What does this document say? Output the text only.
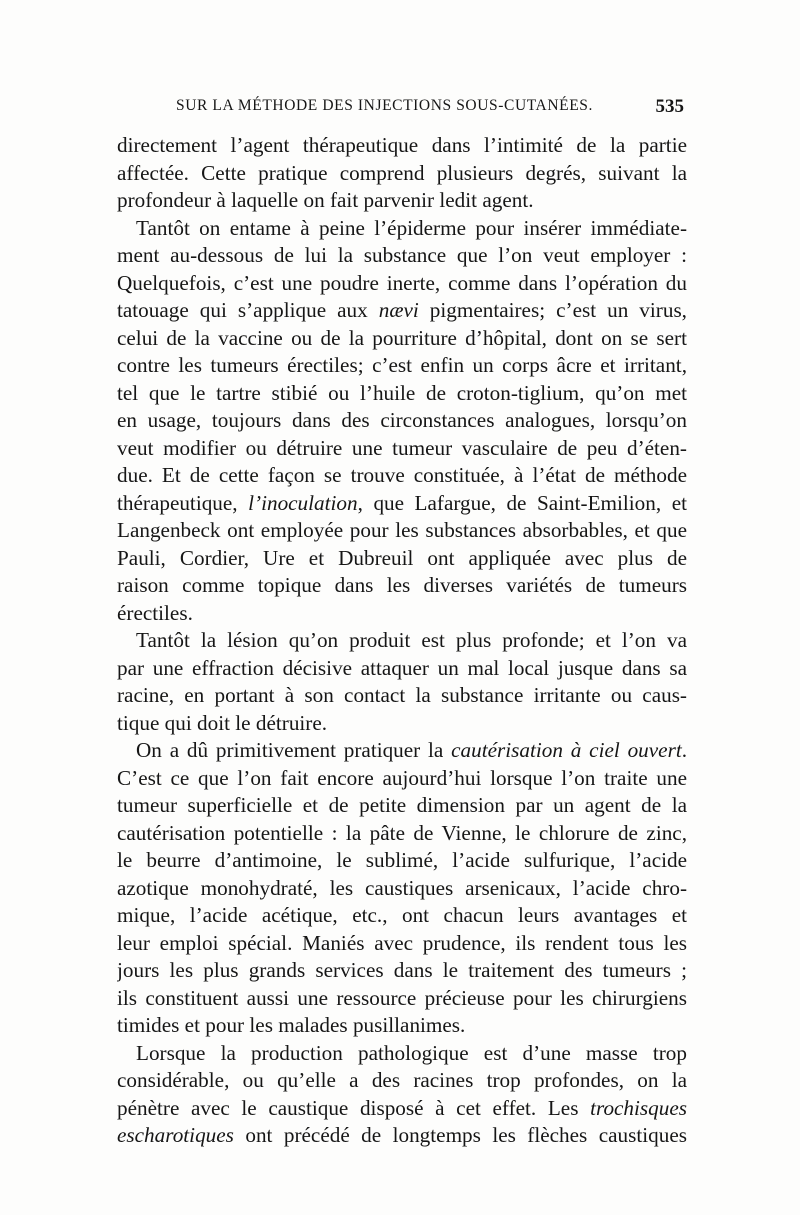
SUR LA MÉTHODE DES INJECTIONS SOUS-CUTANÉES.	535
directement l’agent thérapeutique dans l’intimité de la partie
affectée. Cette pratique comprend plusieurs degrés, suivant la
profondeur à laquelle on fait parvenir ledit agent.
Tantôt on entame à peine l’épiderme pour insérer immédiate-
ment au-dessous de lui la substance que l’on veut employer :
Quelquefois, c’est une poudre inerte, comme dans l’opération du
tatouage qui s’applique aux nævi pigmentaires; c’est un virus,
celui de la vaccine ou de la pourriture d’hôpital, dont on se sert
contre les tumeurs érectiles; c’est enfin un corps âcre et irritant,
tel que le tartre stibié ou l’huile de croton-tiglium, qu’on met
en usage, toujours dans des circonstances analogues, lorsqu’on
veut modifier ou détruire une tumeur vasculaire de peu d’éten-
due. Et de cette façon se trouve constituée, à l’état de méthode
thérapeutique, l’inoculation, que Lafargue, de Saint-Emilion, et
Langenbeck ont employée pour les substances absorbables, et que
Pauli, Cordier, Ure et Dubreuil ont appliquée avec plus de
raison comme topique dans les diverses variétés de tumeurs
érectiles.
Tantôt la lésion qu’on produit est plus profonde; et l’on va
par une effraction décisive attaquer un mal local jusque dans sa
racine, en portant à son contact la substance irritante ou caus-
tique qui doit le détruire.
On a dû primitivement pratiquer la cautérisation à ciel ouvert.
C’est ce que l’on fait encore aujourd’hui lorsque l’on traite une
tumeur superficielle et de petite dimension par un agent de la
cautérisation potentielle : la pâte de Vienne, le chlorure de zinc,
le beurre d’antimoine, le sublimé, l’acide sulfurique, l’acide
azotique monohydraté, les caustiques arsenicaux, l’acide chro-
mique, l’acide acétique, etc., ont chacun leurs avantages et
leur emploi spécial. Maniés avec prudence, ils rendent tous les
jours les plus grands services dans le traitement des tumeurs ;
ils constituent aussi une ressource précieuse pour les chirurgiens
timides et pour les malades pusillanimes.
Lorsque la production pathologique est d’une masse trop
considérable, ou qu’elle a des racines trop profondes, on la
pénètre avec le caustique disposé à cet effet. Les trochisques
escharotiques ont précédé de longtemps les flèches caustiques
